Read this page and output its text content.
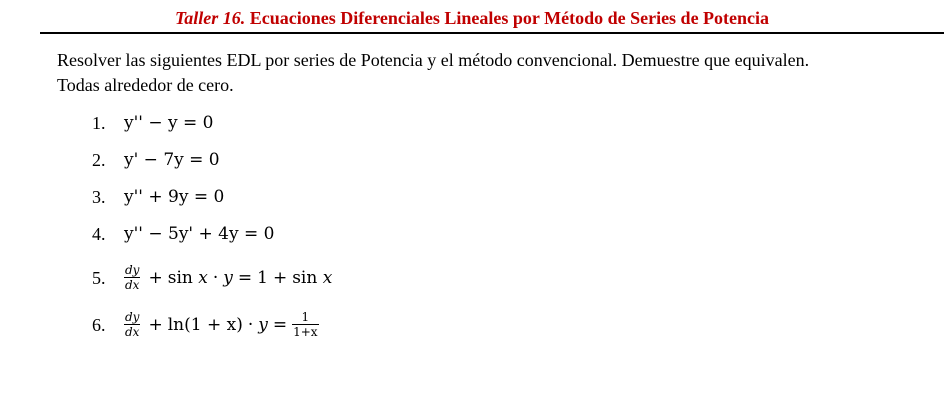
Taller 16. Ecuaciones Diferenciales Lineales por Método de Series de Potencia
Resolver las siguientes EDL por series de Potencia y el método convencional. Demuestre que equivalen.
Todas alrededor de cero.
1.	y'' − y = 0
2.	y' − 7y = 0
3.	y'' + 9y = 0
4.	y'' − 5y' + 4y = 0
5.	$\frac{dy}{dx} + \sin$
x · y = 1 + sin
x
6.	$\frac{dy}{dx} + \ln (1 + x) \cdot y = \frac{1}{1+x}$
